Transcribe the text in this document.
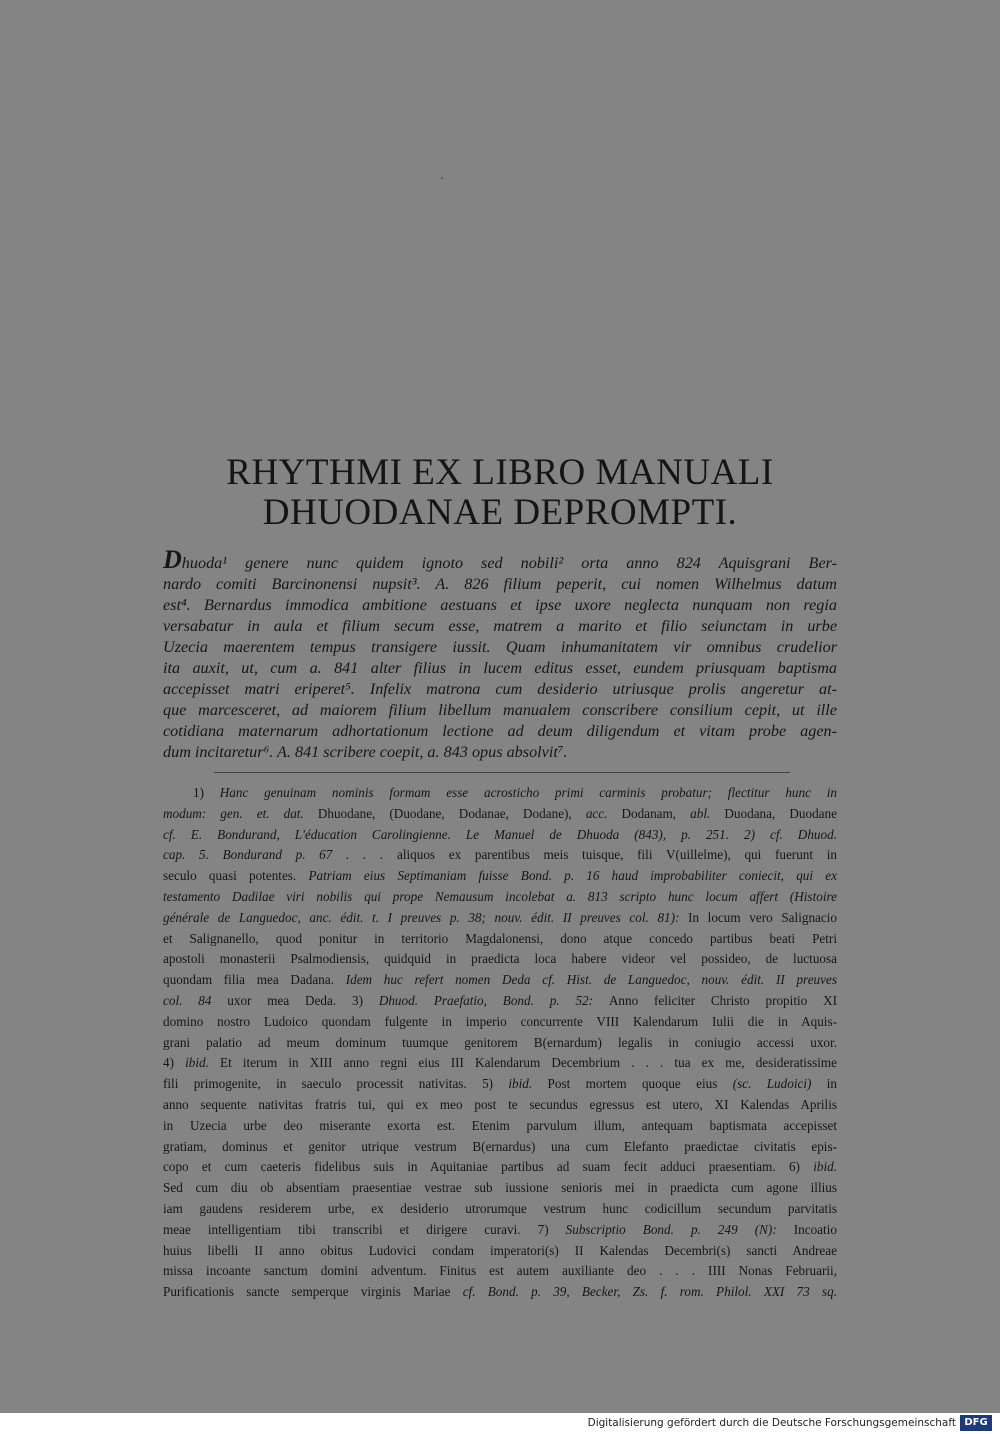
RHYTHMI EX LIBRO MANUALI
DHUODANAE DEPROMPTI.
Dhuoda¹ genere nunc quidem ignoto sed nobili² orta anno 824 Aquisgrani Ber-
nardo comiti Barcinonensi nupsit³. A. 826 filium peperit, cui nomen Wilhelmus datum
est⁴. Bernardus immodica ambitione aestuans et ipse uxore neglecta nunquam non regia
versabatur in aula et filium secum esse, matrem a marito et filio seiunctam in urbe
Uzecia maerentem tempus transigere iussit. Quam inhumanitatem vir omnibus crudelior
ita auxit, ut, cum a. 841 alter filius in lucem editus esset, eundem priusquam baptisma
accepisset matri eriperet⁵. Infelix matrona cum desiderio utriusque prolis angeretur at-
que marcesceret, ad maiorem filium libellum manualem conscribere consilium cepit, ut ille
cotidiana maternarum adhortationum lectione ad deum diligendum et vitam probe agen-
dum incitaretur⁶. A. 841 scribere coepit, a. 843 opus absolvit⁷.
1) Hanc genuinam nominis formam esse acrosticho primi carminis probatur; flectitur hunc in
modum: gen. et. dat. Dhuodane, (Duodane, Dodanae, Dodane), acc. Dodanam, abl. Duodana, Duodane
cf. E. Bondurand, L'éducation Carolingienne. Le Manuel de Dhuoda (843), p. 251. 2) cf. Dhuod.
cap. 5. Bondurand p. 67 . . . aliquos ex parentibus meis tuisque, fili V(uillelme), qui fuerunt in
seculo quasi potentes. Patriam eius Septimaniam fuisse Bond. p. 16 haud improbabiliter coniecit, qui ex
testamento Dadilae viri nobilis qui prope Nemausum incolebat a. 813 scripto hunc locum affert (Histoire
générale de Languedoc, anc. édit. t. I preuves p. 38; nouv. édit. II preuves col. 81): In locum vero Salignacio
et Salignanello, quod ponitur in territorio Magdalonensi, dono atque concedo partibus beati Petri
apostoli monasterii Psalmodiensis, quidquid in praedicta loca habere videor vel possideo, de luctuosa
quondam filia mea Dadana. Idem huc refert nomen Deda cf. Hist. de Languedoc, nouv. édit. II preuves
col. 84 uxor mea Deda. 3) Dhuod. Praefatio, Bond. p. 52: Anno feliciter Christo propitio XI
domino nostro Ludoico quondam fulgente in imperio concurrente VIII Kalendarum Iulii die in Aquis-
grani palatio ad meum dominum tuumque genitorem B(ernardum) legalis in coniugio accessi uxor.
4) ibid. Et iterum in XIII anno regni eius III Kalendarum Decembrium . . . tua ex me, desideratissime
fili primogenite, in saeculo processit nativitas. 5) ibid. Post mortem quoque eius (sc. Ludoici) in
anno sequente nativitas fratris tui, qui ex meo post te secundus egressus est utero, XI Kalendas Aprilis
in Uzecia urbe deo miserante exorta est. Etenim parvulum illum, antequam baptismata accepisset
gratiam, dominus et genitor utrique vestrum B(ernardus) una cum Elefanto praedictae civitatis epis-
copo et cum caeteris fidelibus suis in Aquitaniae partibus ad suam fecit adduci praesentiam. 6) ibid.
Sed cum diu ob absentiam praesentiae vestrae sub iussione senioris mei in praedicta cum agone illius
iam gaudens residerem urbe, ex desiderio utrorumque vestrum hunc codicillum secundum parvitatis
meae intelligentiam tibi transcribi et dirigere curavi. 7) Subscriptio Bond. p. 249 (N): Incoatio
huius libelli II anno obitus Ludovici condam imperatori(s) II Kalendas Decembri(s) sancti Andreae
missa incoante sanctum domini adventum. Finitus est autem auxiliante deo . . . IIII Nonas Februarii,
Purificationis sancte semperque virginis Mariae cf. Bond. p. 39, Becker, Zs. f. rom. Philol. XXI 73 sq.
Digitalisierung gefördert durch die Deutsche Forschungsgemeinschaft DFG
